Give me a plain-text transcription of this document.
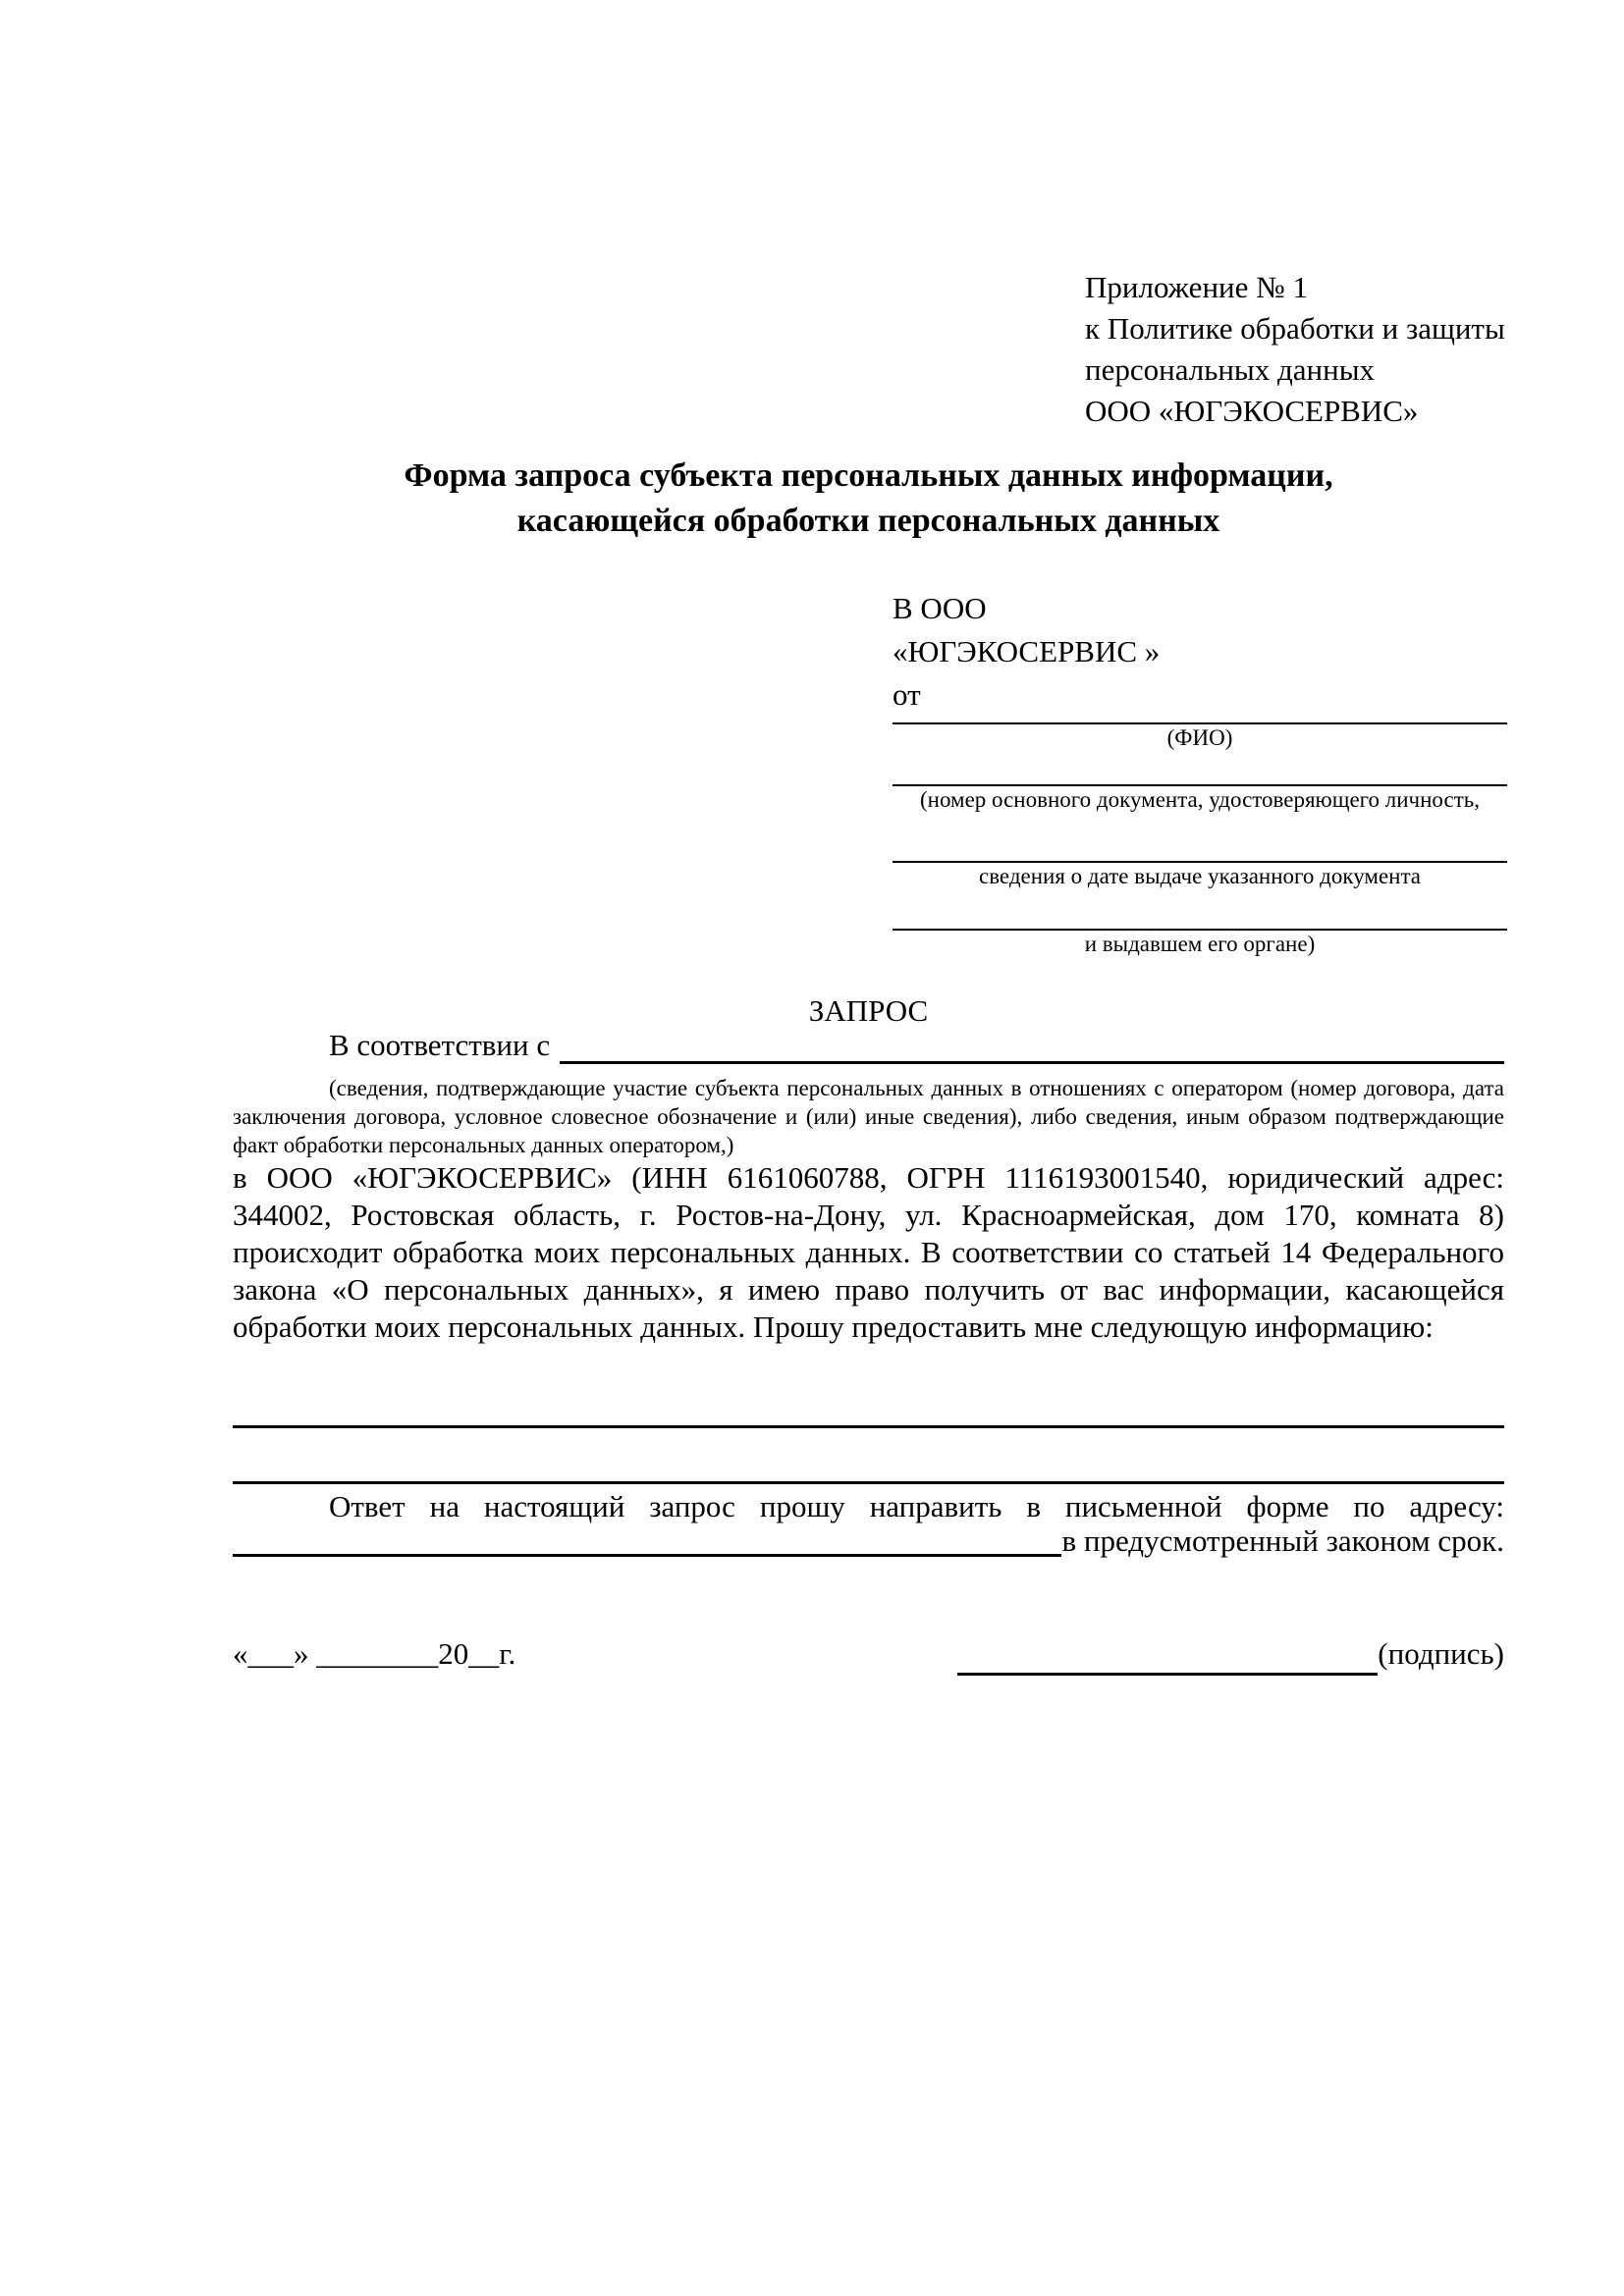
Приложение № 1
к Политике обработки и защиты
персональных данных
ООО «ЮГЭКОСЕРВИС»
Форма запроса субъекта персональных данных информации,
касающейся обработки персональных данных
В ООО
«ЮГЭКОСЕРВИС »
от
(ФИО)
(номер основного документа, удостоверяющего личность,
сведения о дате выдаче указанного документа
и выдавшем его органе)
ЗАПРОС
В соответствии с
(сведения, подтверждающие участие субъекта персональных данных в отношениях с оператором (номер договора, дата заключения договора, условное словесное обозначение и (или) иные сведения), либо сведения, иным образом подтверждающие факт обработки персональных данных оператором,)
в ООО «ЮГЭКОСЕРВИС» (ИНН 6161060788, ОГРН 1116193001540, юридический адрес: 344002, Ростовская область, г. Ростов-на-Дону, ул. Красноармейская, дом 170, комната 8) происходит обработка моих персональных данных. В соответствии со статьей 14 Федерального закона «О персональных данных», я имею право получить от вас информации, касающейся обработки моих персональных данных. Прошу предоставить мне следующую информацию:
Ответ на настоящий запрос прошу направить в письменной форме по адресу:
в предусмотренный законом срок.
«___» ________20__г.	(подпись)
